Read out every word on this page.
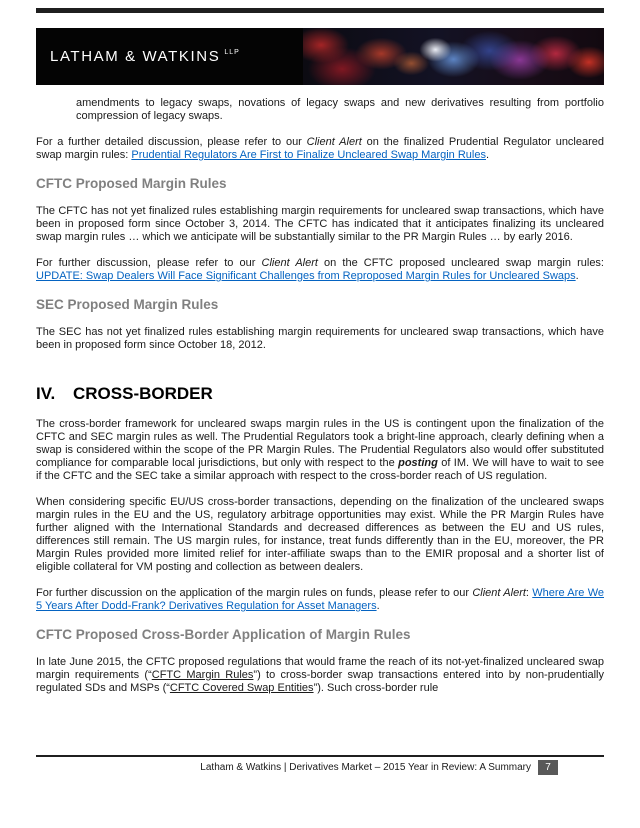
LATHAM & WATKINS LLP

amendments to legacy swaps, novations of legacy swaps and new derivatives resulting from portfolio compression of legacy swaps.

For a further detailed discussion, please refer to our Client Alert on the finalized Prudential Regulator uncleared swap margin rules: Prudential Regulators Are First to Finalize Uncleared Swap Margin Rules.

CFTC Proposed Margin Rules

The CFTC has not yet finalized rules establishing margin requirements for uncleared swap transactions, which have been in proposed form since October 3, 2014. The CFTC has indicated that it anticipates finalizing its uncleared swap margin rules … which we anticipate will be substantially similar to the PR Margin Rules … by early 2016.

For further discussion, please refer to our Client Alert on the CFTC proposed uncleared swap margin rules: UPDATE: Swap Dealers Will Face Significant Challenges from Reproposed Margin Rules for Uncleared Swaps.

SEC Proposed Margin Rules

The SEC has not yet finalized rules establishing margin requirements for uncleared swap transactions, which have been in proposed form since October 18, 2012.

IV. CROSS-BORDER

The cross-border framework for uncleared swaps margin rules in the US is contingent upon the finalization of the CFTC and SEC margin rules as well. The Prudential Regulators took a bright-line approach, clearly defining when a swap is considered within the scope of the PR Margin Rules. The Prudential Regulators also would offer substituted compliance for comparable local jurisdictions, but only with respect to the posting of IM. We will have to wait to see if the CFTC and the SEC take a similar approach with respect to the cross-border reach of US regulation.

When considering specific EU/US cross-border transactions, depending on the finalization of the uncleared swaps margin rules in the EU and the US, regulatory arbitrage opportunities may exist. While the PR Margin Rules have further aligned with the International Standards and decreased differences as between the EU and US rules, differences still remain. The US margin rules, for instance, treat funds differently than in the EU, moreover, the PR Margin Rules provided more limited relief for inter-affiliate swaps than to the EMIR proposal and a shorter list of eligible collateral for VM posting and collection as between dealers.

For further discussion on the application of the margin rules on funds, please refer to our Client Alert: Where Are We 5 Years After Dodd-Frank? Derivatives Regulation for Asset Managers.

CFTC Proposed Cross-Border Application of Margin Rules

In late June 2015, the CFTC proposed regulations that would frame the reach of its not-yet-finalized uncleared swap margin requirements (“CFTC Margin Rules”) to cross-border swap transactions entered into by non-prudentially regulated SDs and MSPs (“CFTC Covered Swap Entities”). Such cross-border rule

Latham & Watkins | Derivatives Market – 2015 Year in Review: A Summary	7
